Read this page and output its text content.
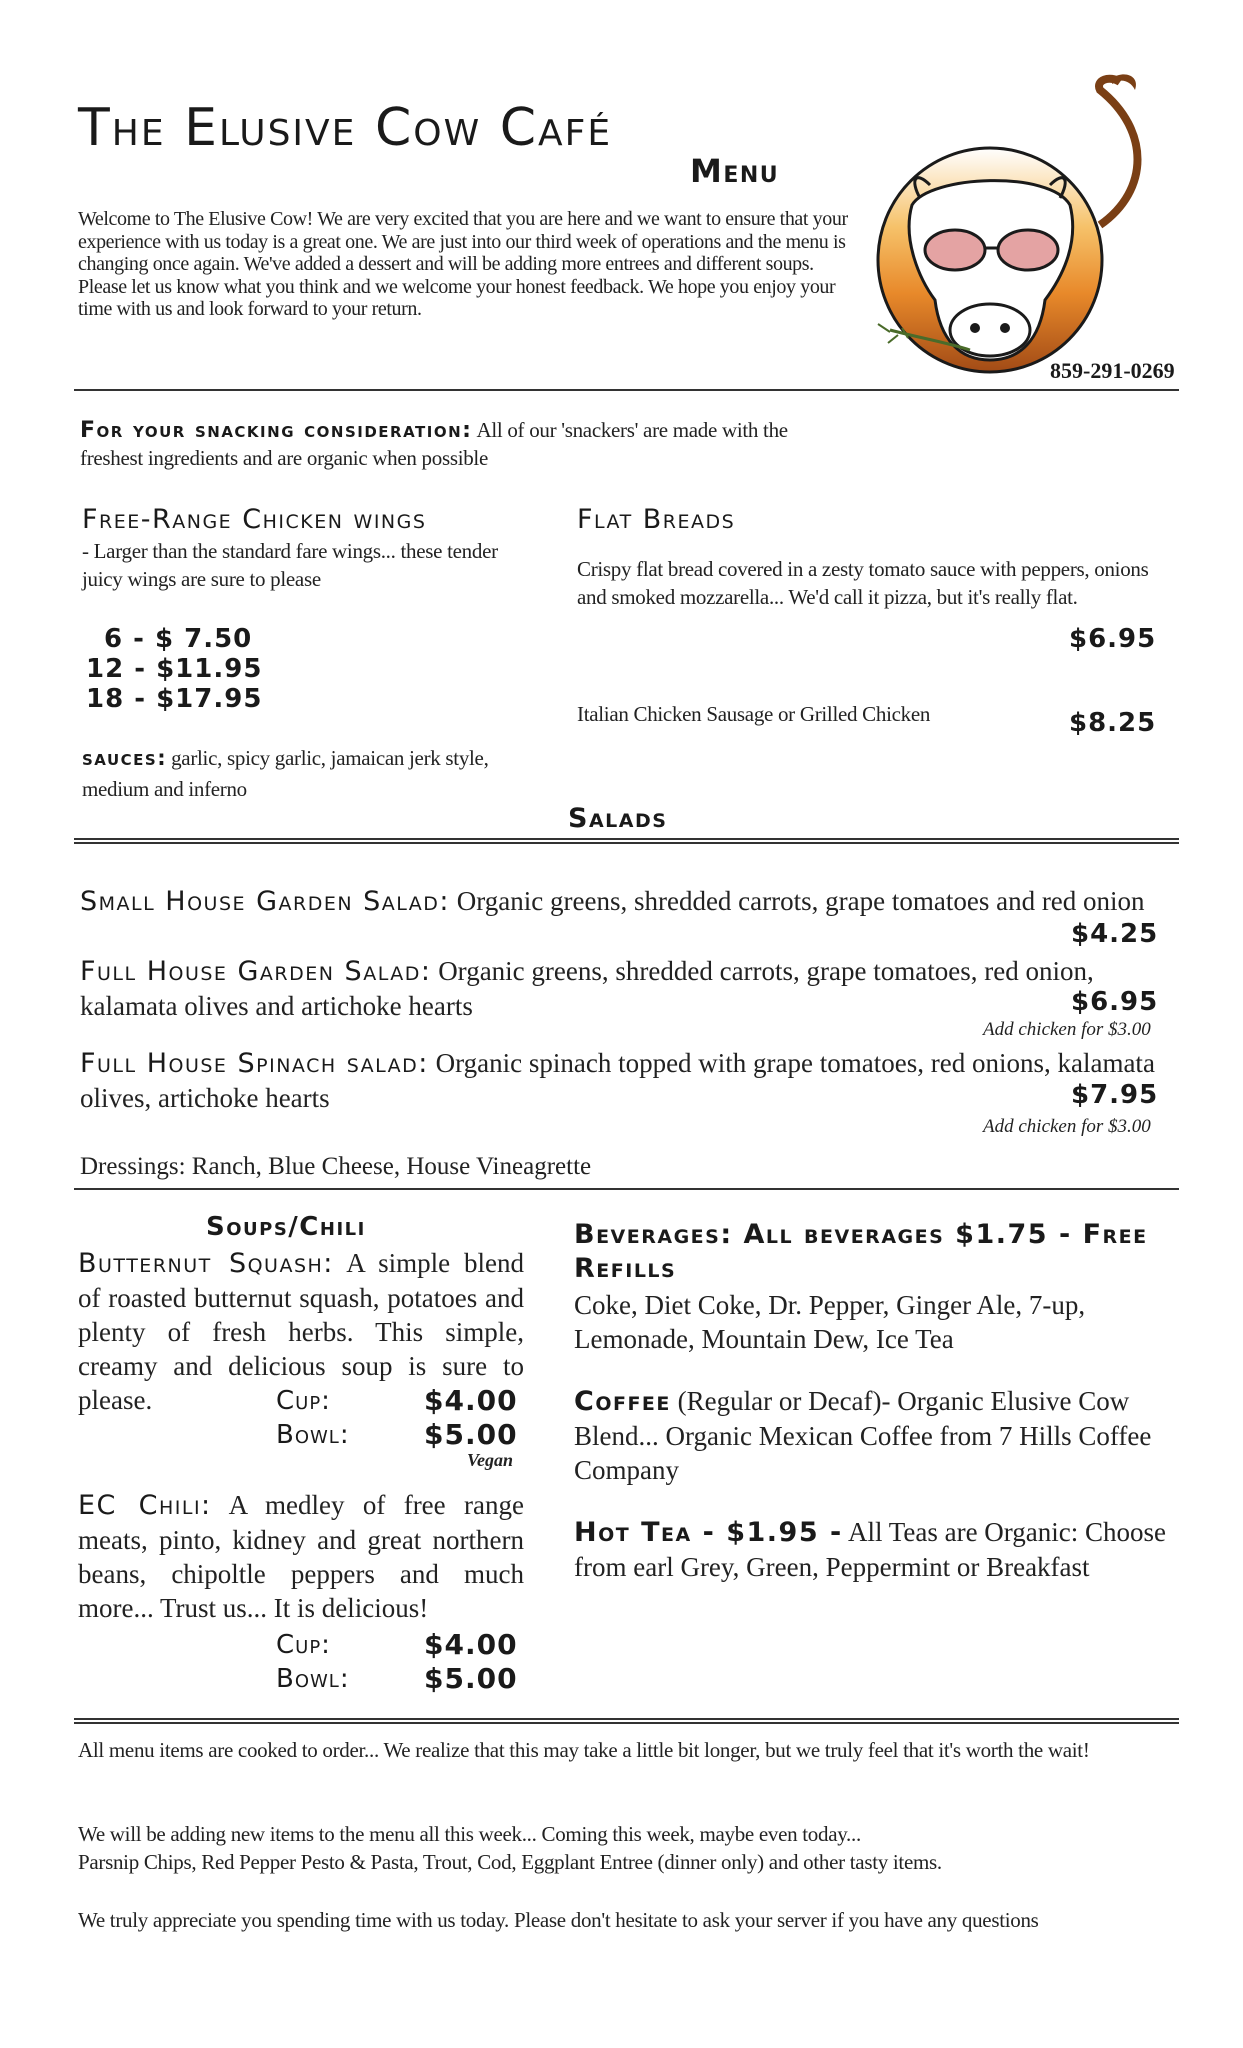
The Elusive Cow Café
Menu
Welcome to The Elusive Cow! We are very excited that you are here and we want to ensure that your experience with us today is a great one. We are just into our third week of operations and the menu is changing once again. We've added a dessert and will be adding more entrees and different soups. Please let us know what you think and we welcome your honest feedback. We hope you enjoy your time with us and look forward to your return.
859-291-0269
For your snacking consideration: All of our 'snackers' are made with the freshest ingredients and are organic when possible
Free-Range Chicken wings
- Larger than the standard fare wings... these tender juicy wings are sure to please
6 - $ 7.50
12 - $11.95
18 - $17.95
sauces: garlic, spicy garlic, jamaican jerk style, medium and inferno
Flat Breads
Crispy flat bread covered in a zesty tomato sauce with peppers, onions and smoked mozzarella... We'd call it pizza, but it's really flat.
$6.95
Italian Chicken Sausage or Grilled Chicken	$8.25
Salads
Small House Garden Salad: Organic greens, shredded carrots, grape tomatoes and red onion
$4.25
Full House Garden Salad: Organic greens, shredded carrots, grape tomatoes, red onion, kalamata olives and artichoke hearts	$6.95
Add chicken for $3.00
Full House Spinach salad: Organic spinach topped with grape tomatoes, red onions, kalamata olives, artichoke hearts	$7.95
Add chicken for $3.00
Dressings: Ranch, Blue Cheese, House Vineagrette
Soups/Chili
Butternut Squash: A simple blend of roasted butternut squash, potatoes and plenty of fresh herbs. This simple, creamy and delicious soup is sure to please.	Cup:	$4.00
Bowl:	$5.00
Vegan
EC Chili: A medley of free range meats, pinto, kidney and great northern beans, chipoltle peppers and much more... Trust us... It is delicious!
Cup:	$4.00
Bowl:	$5.00
Beverages: All beverages $1.75 - Free Refills
Coke, Diet Coke, Dr. Pepper, Ginger Ale, 7-up, Lemonade, Mountain Dew, Ice Tea
Coffee (Regular or Decaf)- Organic Elusive Cow Blend... Organic Mexican Coffee from 7 Hills Coffee Company
Hot Tea - $1.95 - All Teas are Organic: Choose from earl Grey, Green, Peppermint or Breakfast
All menu items are cooked to order... We realize that this may take a little bit longer, but we truly feel that it's worth the wait!
We will be adding new items to the menu all this week... Coming this week, maybe even today...
Parsnip Chips, Red Pepper Pesto & Pasta, Trout, Cod, Eggplant Entree (dinner only) and other tasty items.
We truly appreciate you spending time with us today. Please don't hesitate to ask your server if you have any questions
